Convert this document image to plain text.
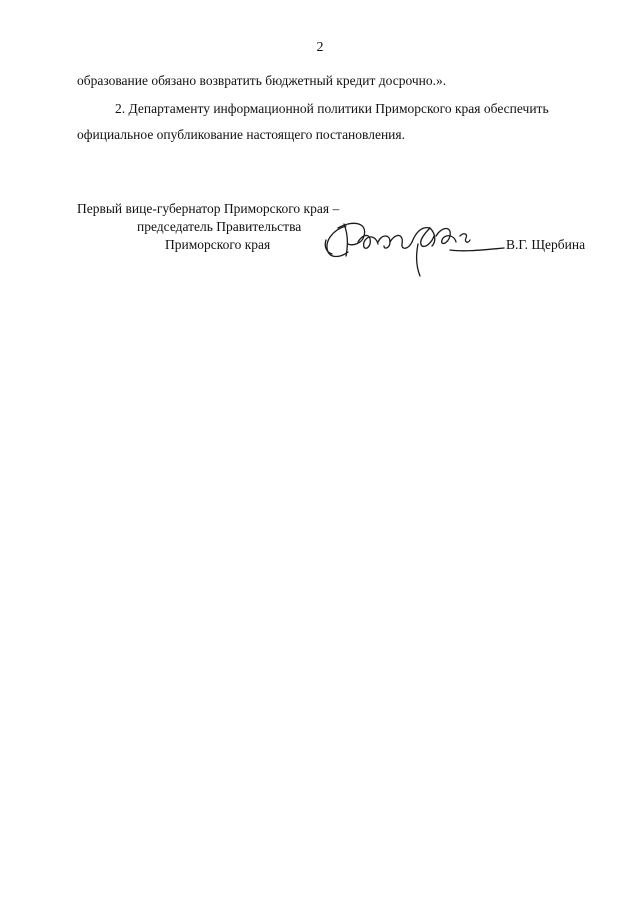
2
образование обязано возвратить бюджетный кредит досрочно.».
2. Департаменту информационной политики Приморского края обеспечить
официальное опубликование настоящего постановления.
Первый вице-губернатор Приморского края –
председатель Правительства
Приморского края	В.Г. Щербина
